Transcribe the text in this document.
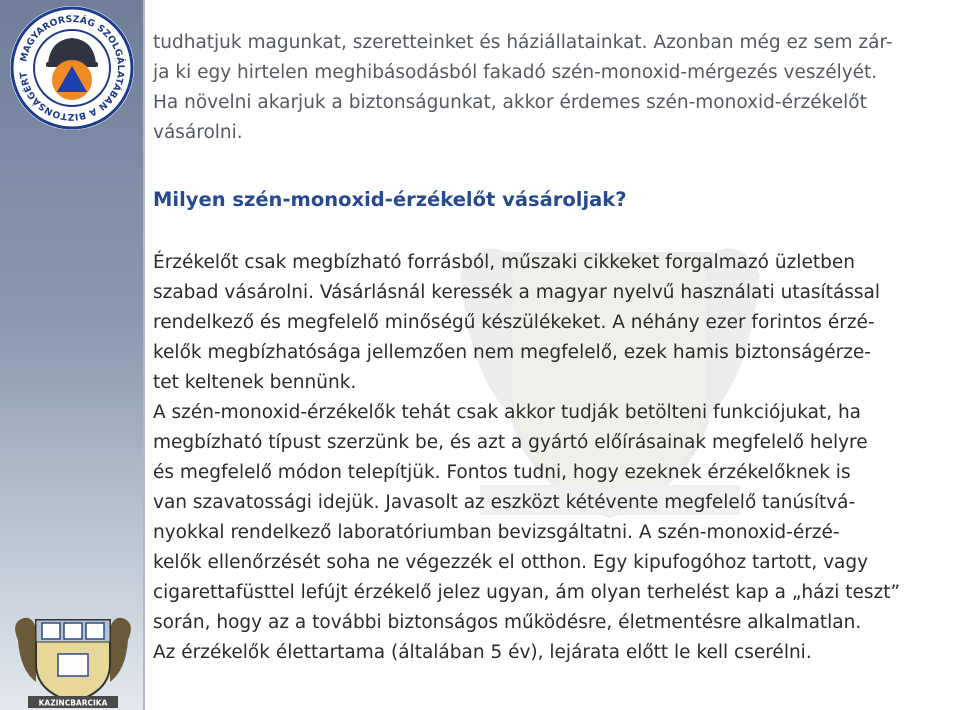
MAGYARORSZÁG SZOLGÁLATÁBAN A BIZTONSÁGÉRT
KAZINCBARCIKA
tudhatjuk magunkat, szeretteinket és háziállatainkat. Azonban még ez sem zár-
ja ki egy hirtelen meghibásodásból fakadó szén-monoxid-mérgezés veszélyét.
Ha növelni akarjuk a biztonságunkat, akkor érdemes szén-monoxid-érzékelőt
vásárolni.
Milyen szén-monoxid-érzékelőt vásároljak?
Érzékelőt csak megbízható forrásból, műszaki cikkeket forgalmazó üzletben
szabad vásárolni. Vásárlásnál keressék a magyar nyelvű használati utasítással
rendelkező és megfelelő minőségű készülékeket. A néhány ezer forintos érzé-
kelők megbízhatósága jellemzően nem megfelelő, ezek hamis biztonságérze-
tet keltenek bennünk.
A szén-monoxid-érzékelők tehát csak akkor tudják betölteni funkciójukat, ha
megbízható típust szerzünk be, és azt a gyártó előírásainak megfelelő helyre
és megfelelő módon telepítjük. Fontos tudni, hogy ezeknek érzékelőknek is
van szavatossági idejük. Javasolt az eszközt kétévente megfelelő tanúsítvá-
nyokkal rendelkező laboratóriumban bevizsgáltatni. A szén-monoxid-érzé-
kelők ellenőrzését soha ne végezzék el otthon. Egy kipufogóhoz tartott, vagy
cigarettafüsttel lefújt érzékelő jelez ugyan, ám olyan terhelést kap a „házi teszt”
során, hogy az a további biztonságos működésre, életmentésre alkalmatlan.
Az érzékelők élettartama (általában 5 év), lejárata előtt le kell cserélni.
